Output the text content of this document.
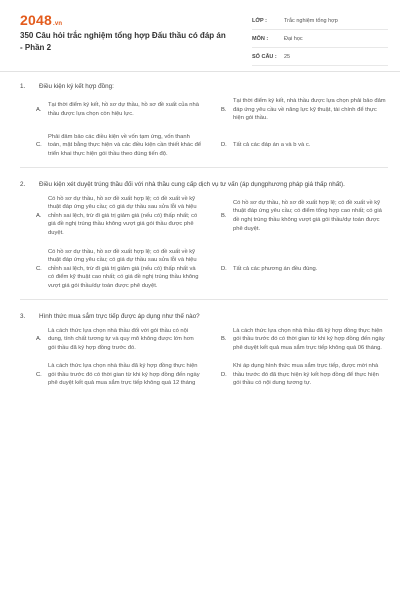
2048.vn
350 Câu hỏi trắc nghiệm tổng hợp Đấu thầu có đáp án - Phần 2
LỚP :	Trắc nghiệm tổng hợp
MÔN :	Đại học
SỐ CÂU :	25
1.	Điều kiện ký kết hợp đồng:
A.
Tại thời điểm ký kết, hồ sơ dự thầu, hồ sơ đề xuất của nhà thầu được lựa chọn còn hiệu lực.
B.
Tại thời điểm ký kết, nhà thầu được lựa chọn phải bảo đảm đáp ứng yêu cầu về năng lực kỹ thuật, tài chính để thực hiện gói thầu.
C.
Phải đảm bảo các điều kiện về vốn tạm ứng, vốn thanh toán, mặt bằng thực hiện và các điều kiện cần thiết khác để triển khai thực hiện gói thầu theo đúng tiến độ.
D.	Tất cả các đáp án a và b và c.
2.	Điều kiện xét duyệt trúng thầu đối với nhà thầu cung cấp dịch vụ tư vấn (áp dụngphương pháp giá thấp nhất).
A.
Có hồ sơ dự thầu, hồ sơ đề xuất hợp lệ; có đề xuất về kỹ thuật đáp ứng yêu cầu; có giá dự thầu sau sửa lỗi và hiệu chỉnh sai lệch, trừ đi giá trị giảm giá (nếu có) thấp nhất; có giá đề nghị trúng thầu không vượt giá gói thầu được phê duyệt.
B.
Có hồ sơ dự thầu, hồ sơ đề xuất hợp lệ; có đề xuất về kỹ thuật đáp ứng yêu cầu; có điểm tổng hợp cao nhất; có giá đề nghị trúng thầu không vượt giá gói thầu/dự toán được phê duyệt.
C.
Có hồ sơ dự thầu, hồ sơ đề xuất hợp lệ; có đề xuất về kỹ thuật đáp ứng yêu cầu; có giá dự thầu sau sửa lỗi và hiệu chỉnh sai lệch, trừ đi giá trị giảm giá (nếu có) thấp nhất và có điểm kỹ thuật cao nhất; có giá đề nghị trúng thầu không vượt giá gói thầu/dự toán được phê duyệt.
D.	Tất cả các phương án đều đúng.
3.	Hình thức mua sắm trực tiếp được áp dụng như thế nào?
A.
Là cách thức lựa chọn nhà thầu đối với gói thầu có nội dung, tính chất tương tự và quy mô không được lớn hơn gói thầu đã ký hợp đồng trước đó.
B.
Là cách thức lựa chọn nhà thầu đã ký hợp đồng thực hiện gói thầu trước đó có thời gian từ khi ký hợp đồng đến ngày phê duyệt kết quả mua sắm trực tiếp không quá 06 tháng.
C.
Là cách thức lựa chọn nhà thầu đã ký hợp đồng thực hiện gói thầu trước đó có thời gian từ khi ký hợp đồng đến ngày phê duyệt kết quả mua sắm trực tiếp không quá 12 tháng
D.
Khi áp dụng hình thức mua sắm trực tiếp, được mời nhà thầu trước đó đã thực hiện ký kết hợp đồng để thực hiện gói thầu có nội dung tương tự.
